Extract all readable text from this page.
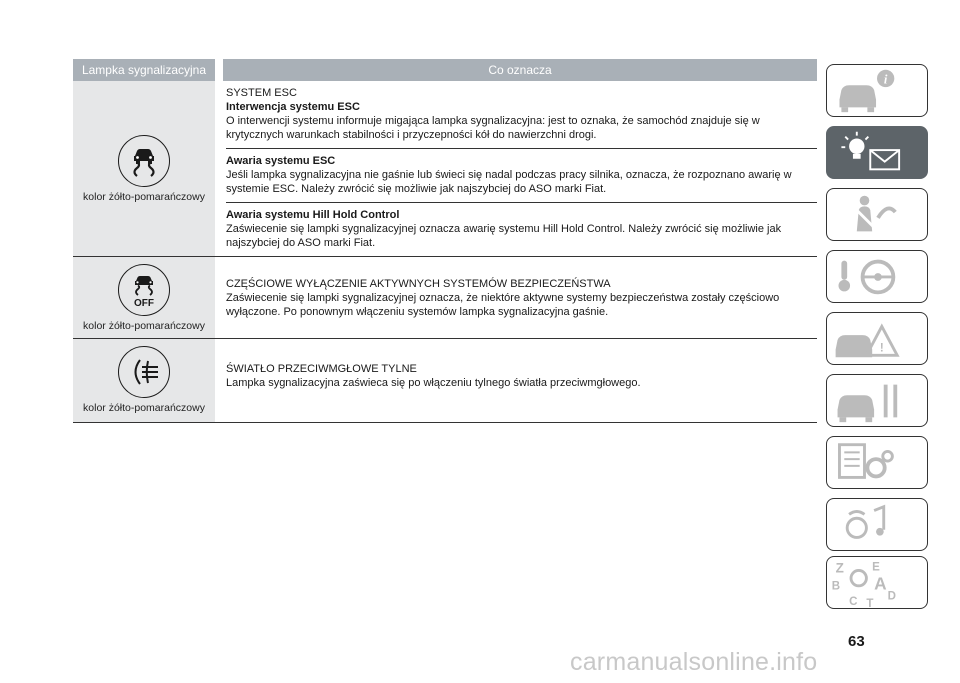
Lampka sygnalizacyjna	Co oznacza
kolor żółto-pomarańczowy
SYSTEM ESC
Interwencja systemu ESC
O interwencji systemu informuje migająca lampka sygnalizacyjna: jest to oznaka, że samochód znajduje się w krytycznych warunkach stabilności i przyczepności kół do nawierzchni drogi.
Awaria systemu ESC
Jeśli lampka sygnalizacyjna nie gaśnie lub świeci się nadal podczas pracy silnika, oznacza, że rozpoznano awarię w systemie ESC. Należy zwrócić się możliwie jak najszybciej do ASO marki Fiat.
Awaria systemu Hill Hold Control
Zaświecenie się lampki sygnalizacyjnej oznacza awarię systemu Hill Hold Control. Należy zwrócić się możliwie jak najszybciej do ASO marki Fiat.
OFF
kolor żółto-pomarańczowy
CZĘŚCIOWE WYŁĄCZENIE AKTYWNYCH SYSTEMÓW BEZPIECZEŃSTWA
Zaświecenie się lampki sygnalizacyjnej oznacza, że niektóre aktywne systemy bezpieczeństwa zostały częściowo wyłączone. Po ponownym włączeniu systemów lampka sygnalizacyjna gaśnie.
kolor żółto-pomarańczowy
ŚWIATŁO PRZECIWMGŁOWE TYLNE
Lampka sygnalizacyjna zaświeca się po włączeniu tylnego światła przeciwmgłowego.
i
!
Z E
B A
C T
D
63
carmanualsonline.info
